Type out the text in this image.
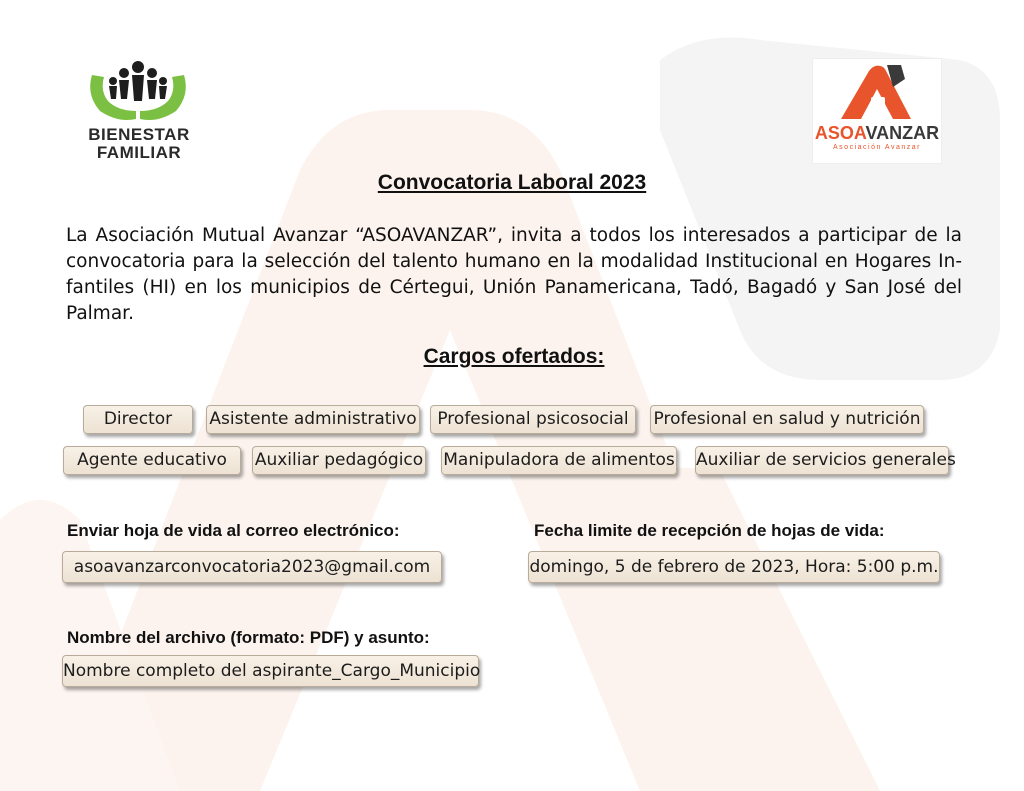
BIENESTAR
FAMILIAR
ASOAVANZAR
Asociación Avanzar
Convocatoria Laboral 2023
La Asociación Mutual Avanzar “ASOAVANZAR”, invita a todos los interesados a participar de la convocatoria para la selección del talento humano en la modalidad Institucional en Hogares Infantiles (HI) en los municipios de Cértegui, Unión Panamericana, Tadó, Bagadó y San José del Palmar.
Cargos ofertados:
Director	Asistente administrativo	Profesional psicosocial	Profesional en salud y nutrición
Agente educativo	Auxiliar pedagógico Manipuladora de alimentos Auxiliar de servicios generales
Enviar hoja de vida al correo electrónico:
asoavanzarconvocatoria2023@gmail.com
Fecha limite de recepción de hojas de vida:
domingo, 5 de febrero de 2023, Hora: 5:00 p.m.
Nombre del archivo (formato: PDF) y asunto:
Nombre completo del aspirante_Cargo_Municipio
